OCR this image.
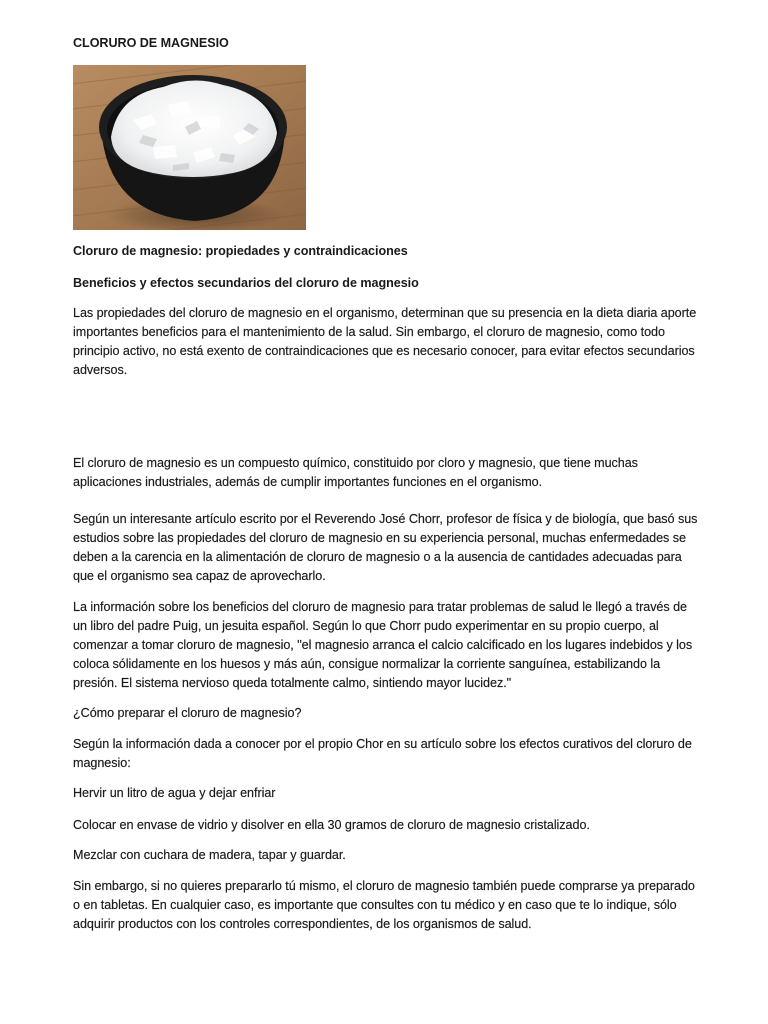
CLORURO DE MAGNESIO

Cloruro de magnesio: propiedades y contraindicaciones

Beneficios y efectos secundarios del cloruro de magnesio

Las propiedades del cloruro de magnesio en el organismo, determinan que su presencia en la dieta diaria aporte importantes beneficios para el mantenimiento de la salud. Sin embargo, el cloruro de magnesio, como todo principio activo, no está exento de contraindicaciones que es necesario conocer, para evitar efectos secundarios adversos.

El cloruro de magnesio es un compuesto químico, constituido por cloro y magnesio, que tiene muchas aplicaciones industriales, además de cumplir importantes funciones en el organismo.

Según un interesante artículo escrito por el Reverendo José Chorr, profesor de física y de biología, que basó sus estudios sobre las propiedades del cloruro de magnesio en su experiencia personal, muchas enfermedades se deben a la carencia en la alimentación de cloruro de magnesio o a la ausencia de cantidades adecuadas para que el organismo sea capaz de aprovecharlo.

La información sobre los beneficios del cloruro de magnesio para tratar problemas de salud le llegó a través de un libro del padre Puig, un jesuita español. Según lo que Chorr pudo experimentar en su propio cuerpo, al comenzar a tomar cloruro de magnesio, "el magnesio arranca el calcio calcificado en los lugares indebidos y los coloca sólidamente en los huesos y más aún, consigue normalizar la corriente sanguínea, estabilizando la presión. El sistema nervioso queda totalmente calmo, sintiendo mayor lucidez."

¿Cómo preparar el cloruro de magnesio?

Según la información dada a conocer por el propio Chor en su artículo sobre los efectos curativos del cloruro de magnesio:

Hervir un litro de agua y dejar enfriar

Colocar en envase de vidrio y disolver en ella 30 gramos de cloruro de magnesio cristalizado.

Mezclar con cuchara de madera, tapar y guardar.

Sin embargo, si no quieres prepararlo tú mismo, el cloruro de magnesio también puede comprarse ya preparado o en tabletas. En cualquier caso, es importante que consultes con tu médico y en caso que te lo indique, sólo adquirir productos con los controles correspondientes, de los organismos de salud.
